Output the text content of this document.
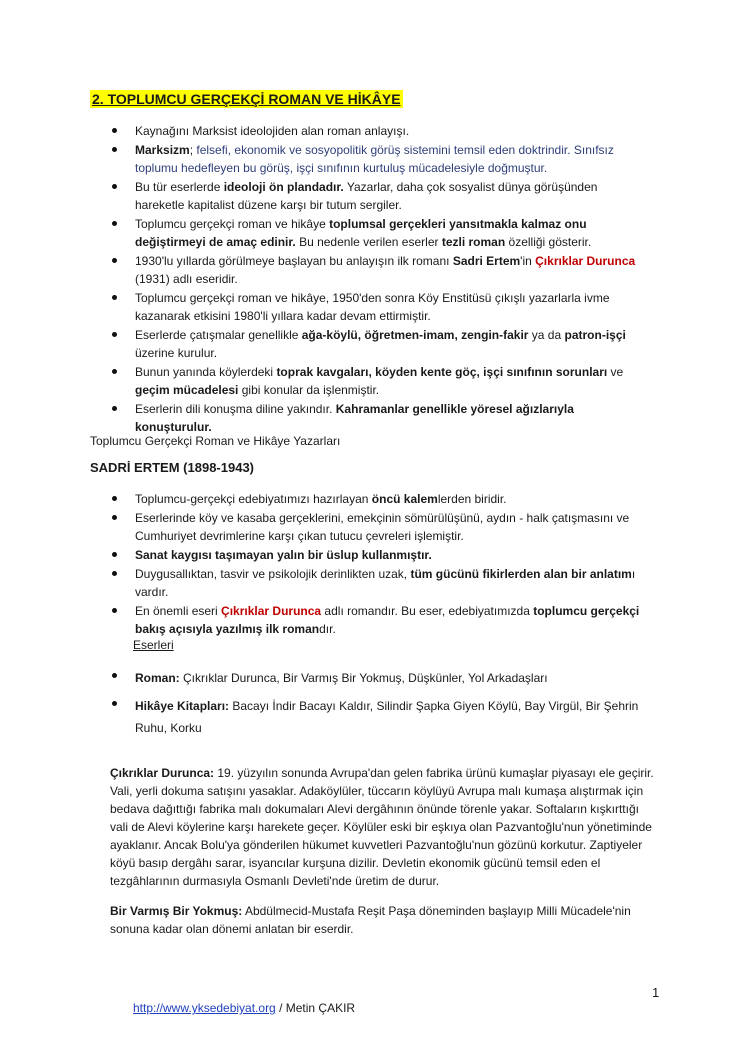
2. TOPLUMCU GERÇEKÇİ ROMAN VE HİKÂYE
Kaynağını Marksist ideolojiden alan roman anlayışı.
Marksizm; felsefi, ekonomik ve sosyopolitik görüş sistemini temsil eden doktrindir. Sınıfsız toplumu hedefleyen bu görüş, işçi sınıfının kurtuluş mücadelesiyle doğmuştur.
Bu tür eserlerde ideoloji ön plandadır. Yazarlar, daha çok sosyalist dünya görüşünden hareketle kapitalist düzene karşı bir tutum sergiler.
Toplumcu gerçekçi roman ve hikâye toplumsal gerçekleri yansıtmakla kalmaz onu değiştirmeyi de amaç edinir. Bu nedenle verilen eserler tezli roman özelliği gösterir.
1930'lu yıllarda görülmeye başlayan bu anlayışın ilk romanı Sadri Ertem'in Çıkrıklar Durunca (1931) adlı eseridir.
Toplumcu gerçekçi roman ve hikâye, 1950'den sonra Köy Enstitüsü çıkışlı yazarlarla ivme kazanarak etkisini 1980'li yıllara kadar devam ettirmiştir.
Eserlerde çatışmalar genellikle ağa-köylü, öğretmen-imam, zengin-fakir ya da patron-işçi üzerine kurulur.
Bunun yanında köylerdeki toprak kavgaları, köyden kente göç, işçi sınıfının sorunları ve geçim mücadelesi gibi konular da işlenmiştir.
Eserlerin dili konuşma diline yakındır. Kahramanlar genellikle yöresel ağızlarıyla konuşturulur.

Toplumcu Gerçekçi Roman ve Hikâye Yazarları

SADRİ ERTEM (1898-1943)
Toplumcu-gerçekçi edebiyatımızı hazırlayan öncü kalemlerden biridir.
Eserlerinde köy ve kasaba gerçeklerini, emekçinin sömürülüşünü, aydın - halk çatışmasını ve Cumhuriyet devrimlerine karşı çıkan tutucu çevreleri işlemiştir.
Sanat kaygısı taşımayan yalın bir üslup kullanmıştır.
Duygusallıktan, tasvir ve psikolojik derinlikten uzak, tüm gücünü fikirlerden alan bir anlatımı vardır.
En önemli eseri Çıkrıklar Durunca adlı romandır. Bu eser, edebiyatımızda toplumcu gerçekçi bakış açısıyla yazılmış ilk romandır.

Eserleri

Roman: Çıkrıklar Durunca, Bir Varmış Bir Yokmuş, Düşkünler, Yol Arkadaşları
Hikâye Kitapları: Bacayı İndir Bacayı Kaldır, Silindir Şapka Giyen Köylü, Bay Virgül, Bir Şehrin Ruhu, Korku

Çıkrıklar Durunca: 19. yüzyılın sonunda Avrupa'dan gelen fabrika ürünü kumaşlar piyasayı ele geçirir. Vali, yerli dokuma satışını yasaklar. Adaköylüler, tüccarın köylüyü Avrupa malı kumaşa alıştırmak için bedava dağıttığı fabrika malı dokumaları Alevi dergâhının önünde törenle yakar. Softaların kışkırttığı vali de Alevi köylerine karşı harekete geçer. Köylüler eski bir eşkıya olan Pazvantoğlu'nun yönetiminde ayaklanır. Ancak Bolu'ya gönderilen hükumet kuvvetleri Pazvantoğlu'nun gözünü korkutur. Zaptiyeler köyü basıp dergâhı sarar, isyancılar kurşuna dizilir. Devletin ekonomik gücünü temsil eden el tezgâhlarının durmasıyla Osmanlı Devleti'nde üretim de durur.

Bir Varmış Bir Yokmuş: Abdülmecid-Mustafa Reşit Paşa döneminden başlayıp Milli Mücadele'nin sonuna kadar olan dönemi anlatan bir eserdir.

1

http://www.yksedebiyat.org / Metin ÇAKIR
